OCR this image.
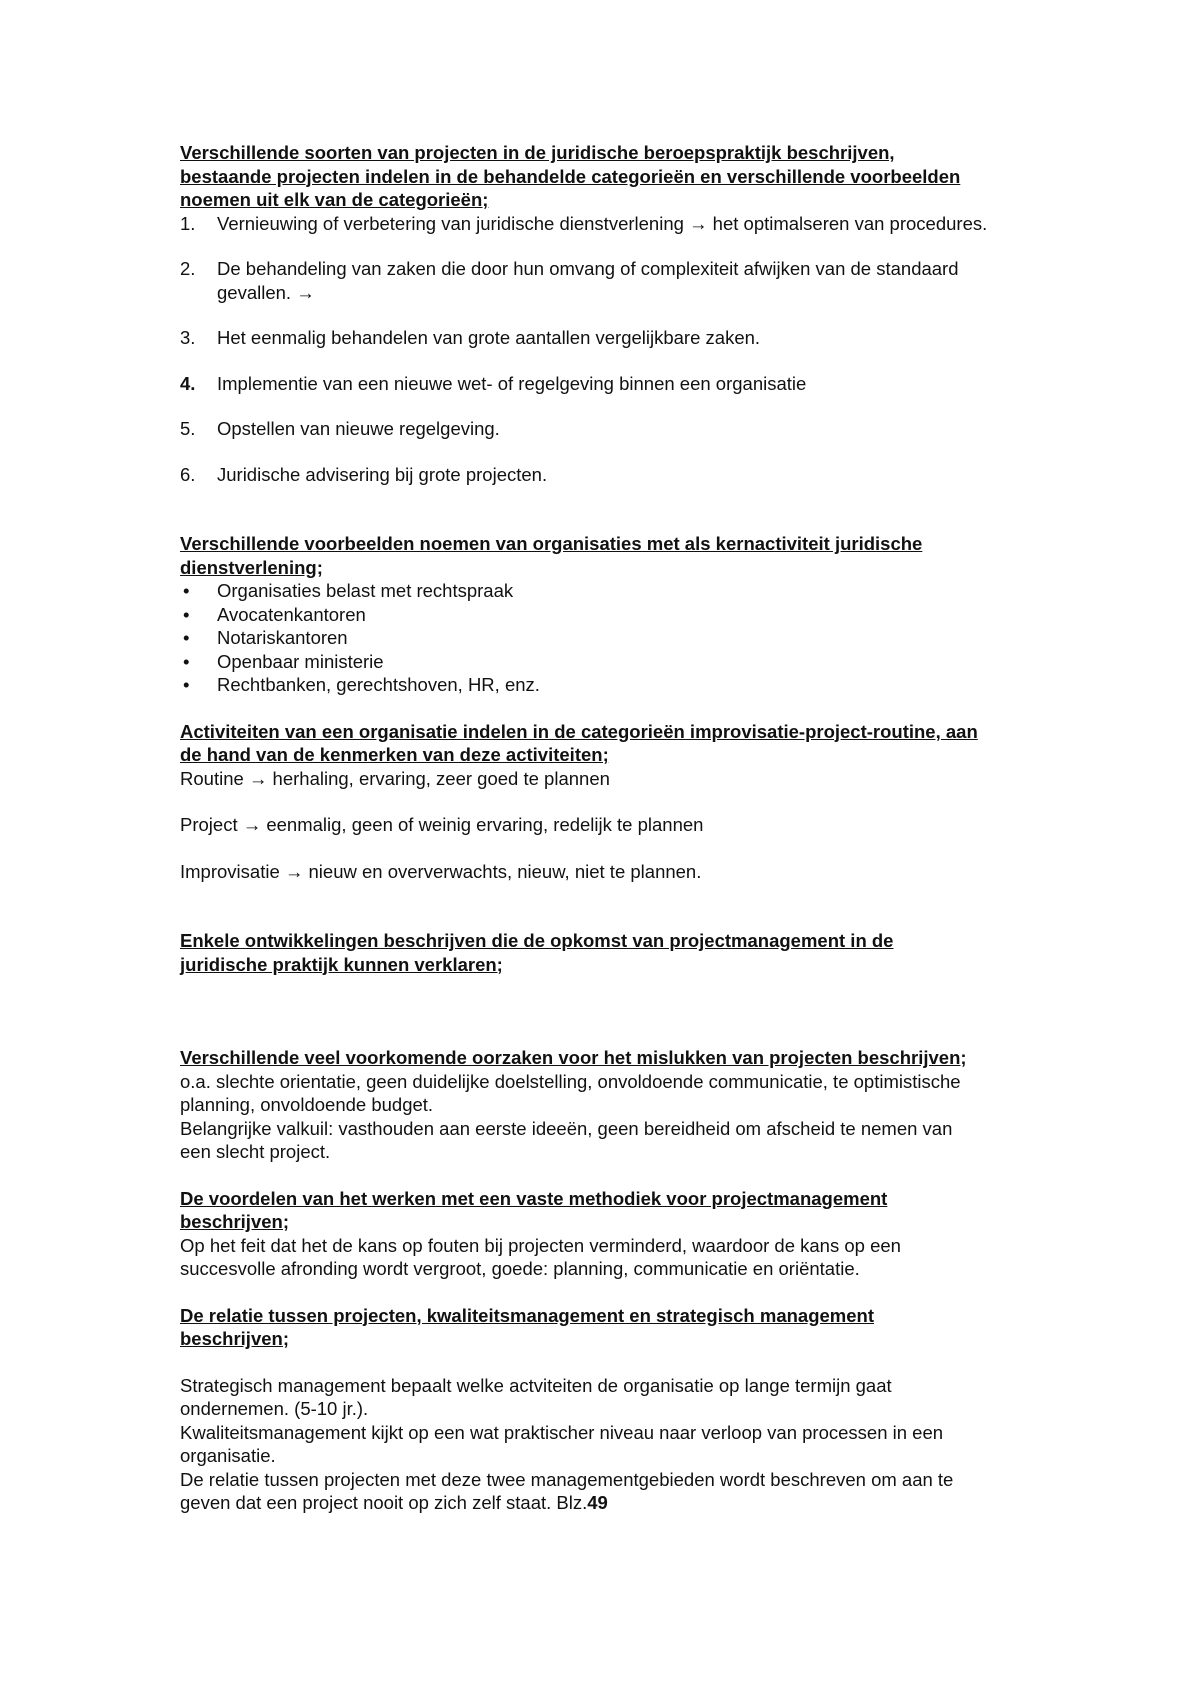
Verschillende soorten van projecten in de juridische beroepspraktijk beschrijven,
bestaande projecten indelen in de behandelde categorieën en verschillende voorbeelden
noemen uit elk van de categorieën;
1. Vernieuwing of verbetering van juridische dienstverlening → het optimalseren van procedures.
2. De behandeling van zaken die door hun omvang of complexiteit afwijken van de standaard
gevallen. →
3. Het eenmalig behandelen van grote aantallen vergelijkbare zaken.
4. Implementie van een nieuwe wet- of regelgeving binnen een organisatie
5. Opstellen van nieuwe regelgeving.
6. Juridische advisering bij grote projecten.
Verschillende voorbeelden noemen van organisaties met als kernactiviteit juridische
dienstverlening;
• Organisaties belast met rechtspraak
• Avocatenkantoren
• Notariskantoren
• Openbaar ministerie
• Rechtbanken, gerechtshoven, HR, enz.
Activiteiten van een organisatie indelen in de categorieën improvisatie-project-routine, aan
de hand van de kenmerken van deze activiteiten;

Routine → herhaling, ervaring, zeer goed te plannen

Project → eenmalig, geen of weinig ervaring, redelijk te plannen

Improvisatie → nieuw en oververwachts, nieuw, niet te plannen.

Enkele ontwikkelingen beschrijven die de opkomst van projectmanagement in de
juridische praktijk kunnen verklaren;
Verschillende veel voorkomende oorzaken voor het mislukken van projecten beschrijven;
o.a. slechte orientatie, geen duidelijke doelstelling, onvoldoende communicatie, te optimistische
planning, onvoldoende budget.
Belangrijke valkuil: vasthouden aan eerste ideeën, geen bereidheid om afscheid te nemen van
een slecht project.
De voordelen van het werken met een vaste methodiek voor projectmanagement
beschrijven;
Op het feit dat het de kans op fouten bij projecten verminderd, waardoor de kans op een
succesvolle afronding wordt vergroot, goede: planning, communicatie en oriëntatie.
De relatie tussen projecten, kwaliteitsmanagement en strategisch management
beschrijven;
Strategisch management bepaalt welke actviteiten de organisatie op lange termijn gaat
ondernemen. (5-10 jr.).
Kwaliteitsmanagement kijkt op een wat praktischer niveau naar verloop van processen in een
organisatie.
De relatie tussen projecten met deze twee managementgebieden wordt beschreven om aan te
geven dat een project nooit op zich zelf staat. Blz.49
